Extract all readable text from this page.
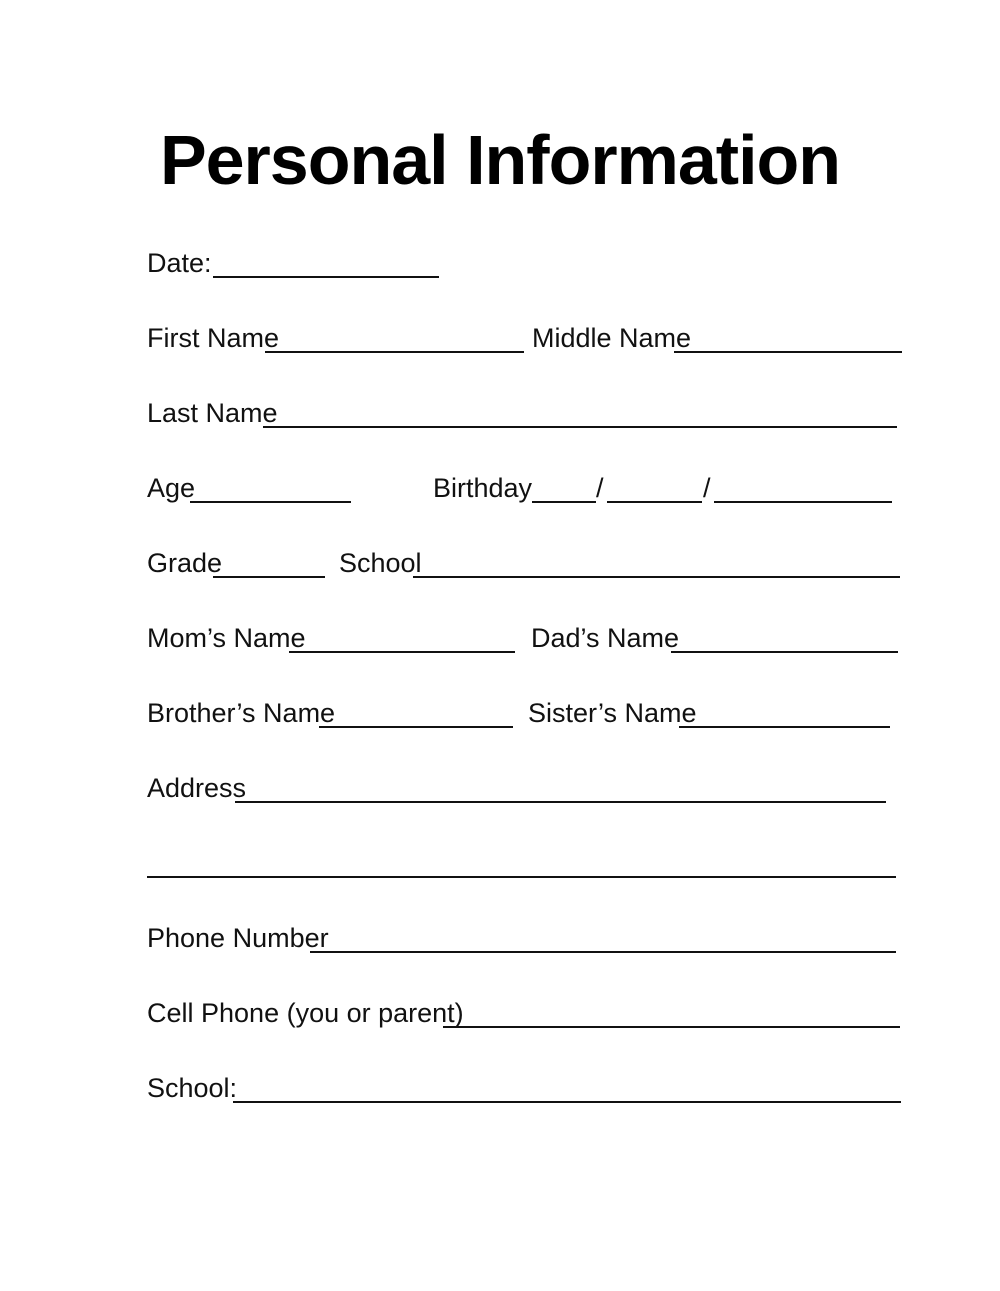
Personal Information
Date:
First Name	Middle Name
Last Name
Age	Birthday /	/
Grade	School
Mom’s Name	Dad’s Name
Brother’s Name	Sister’s Name
Address
Phone Number
Cell Phone (you or parent)
School:
